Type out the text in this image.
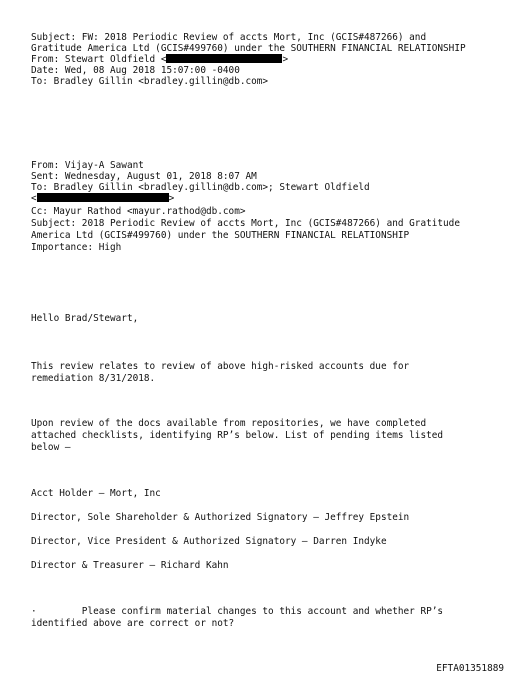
Subject: FW: 2018 Periodic Review of accts Mort, Inc (GCIS#487266) and
Gratitude America Ltd (GCIS#499760) under the SOUTHERN FINANCIAL RELATIONSHIP
From: Stewart Oldfield <	>
Date: Wed, 08 Aug 2018 15:07:00 -0400
To: Bradley Gillin <bradley.gillin@db.com>
From: Vijay-A Sawant
Sent: Wednesday, August 01, 2018 8:07 AM
To: Bradley Gillin <bradley.gillin@db.com>; Stewart Oldfield
<	>
Cc: Mayur Rathod <mayur.rathod@db.com>
Subject: 2018 Periodic Review of accts Mort, Inc (GCIS#487266) and Gratitude
America Ltd (GCIS#499760) under the SOUTHERN FINANCIAL RELATIONSHIP
Importance: High
Hello Brad/Stewart,
This review relates to review of above high-risked accounts due for
remediation 8/31/2018.
Upon review of the docs available from repositories, we have completed
attached checklists, identifying RP’s below. List of pending items listed
below –
Acct Holder – Mort, Inc
Director, Sole Shareholder & Authorized Signatory – Jeffrey Epstein
Director, Vice President & Authorized Signatory – Darren Indyke
Director & Treasurer – Richard Kahn
·        Please confirm material changes to this account and whether RP’s
identified above are correct or not?
EFTA01351889
